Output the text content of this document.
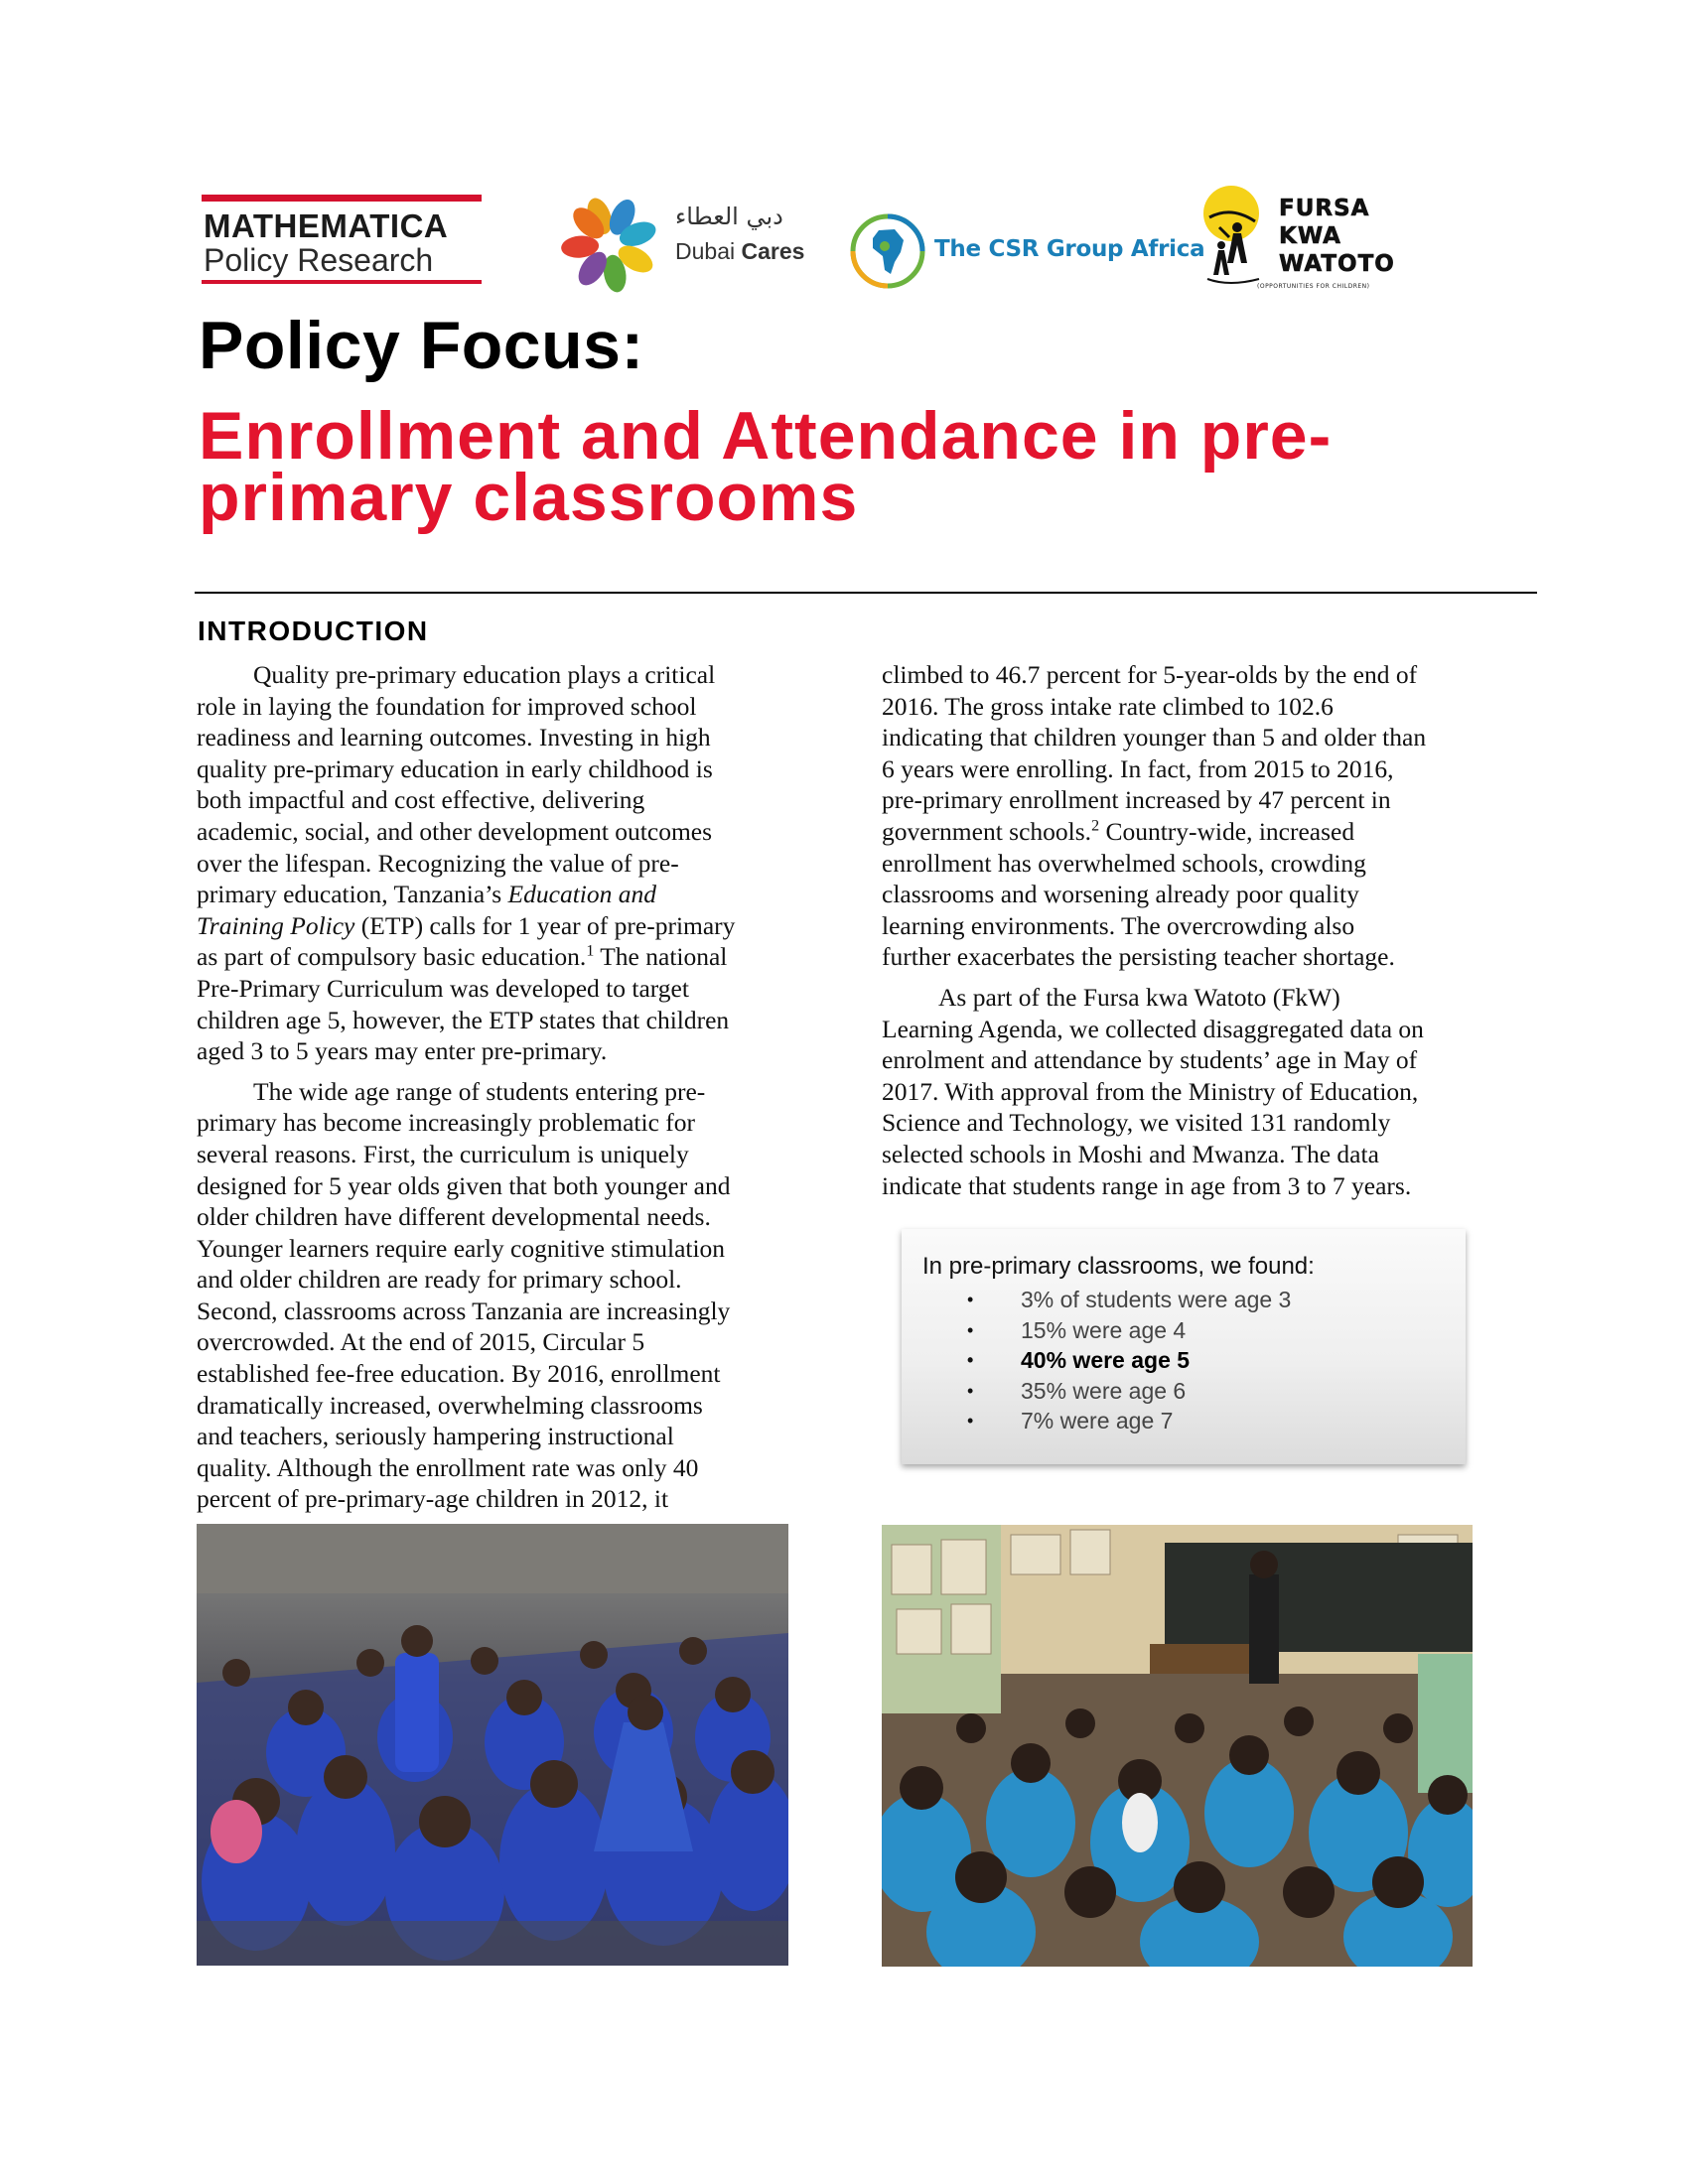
MATHEMATICA
Policy Research
دبي العطاء
Dubai Cares	The CSR Group Africa
FURSA
KWA
WATOTO
(OPPORTUNITIES FOR CHILDREN)
Policy Focus:
Enrollment and Attendance in pre-
primary classrooms
INTRODUCTION
Quality pre-primary education plays a critical
role in laying the foundation for improved school
readiness and learning outcomes. Investing in high
quality pre-primary education in early childhood is
both impactful and cost effective, delivering
academic, social, and other development outcomes
over the lifespan. Recognizing the value of pre-
primary education, Tanzania’s Education and
Training Policy (ETP) calls for 1 year of pre-primary
as part of compulsory basic education.$^1$ The national
Pre-Primary Curriculum was developed to target
children age 5, however, the ETP states that children
aged 3 to 5 years may enter pre-primary.
The wide age range of students entering pre-
primary has become increasingly problematic for
several reasons. First, the curriculum is uniquely
designed for 5 year olds given that both younger and
older children have different developmental needs.
Younger learners require early cognitive stimulation
and older children are ready for primary school.
Second, classrooms across Tanzania are increasingly
overcrowded. At the end of 2015, Circular 5
established fee-free education. By 2016, enrollment
dramatically increased, overwhelming classrooms
and teachers, seriously hampering instructional
quality. Although the enrollment rate was only 40
percent of pre-primary-age children in 2012, it
climbed to 46.7 percent for 5-year-olds by the end of
2016. The gross intake rate climbed to 102.6
indicating that children younger than 5 and older than
6 years were enrolling. In fact, from 2015 to 2016,
pre-primary enrollment increased by 47 percent in
government schools.$^2$ Country-wide, increased
enrollment has overwhelmed schools, crowding
classrooms and worsening already poor quality
learning environments. The overcrowding also
further exacerbates the persisting teacher shortage.
As part of the Fursa kwa Watoto (FkW)
Learning Agenda, we collected disaggregated data on
enrolment and attendance by students’ age in May of
2017. With approval from the Ministry of Education,
Science and Technology, we visited 131 randomly
selected schools in Moshi and Mwanza. The data
indicate that students range in age from 3 to 7 years.
In pre-primary classrooms, we found:
• 3% of students were age 3
• 15% were age 4
• 40% were age 5
• 35% were age 6
• 7% were age 7
